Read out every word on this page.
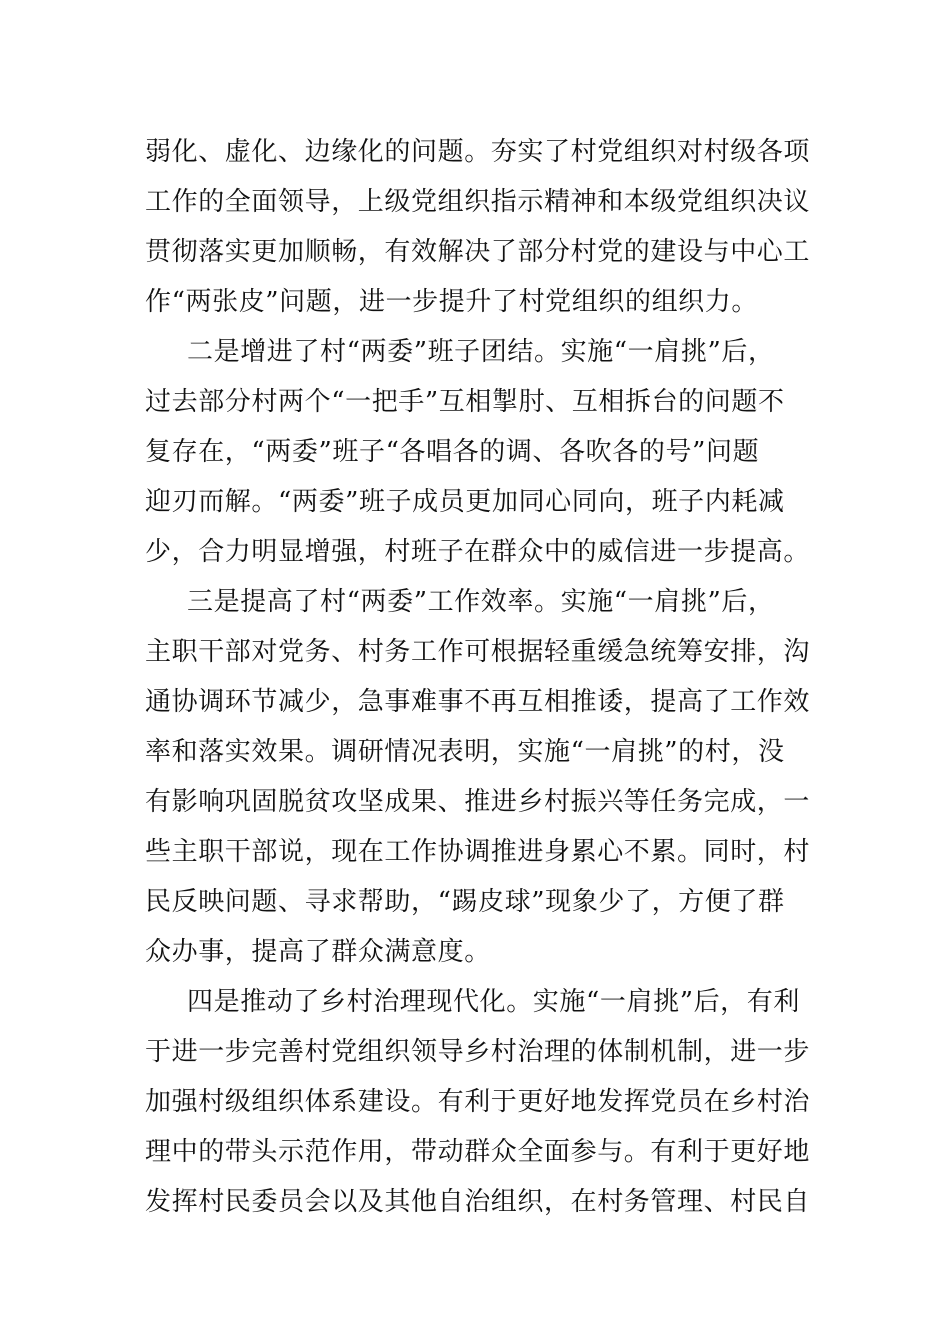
弱化、虚化、边缘化的问题。夯实了村党组织对村级各项
工作的全面领导，上级党组织指示精神和本级党组织决议
贯彻落实更加顺畅，有效解决了部分村党的建设与中心工
作“两张皮”问题，进一步提升了村党组织的组织力。
二是增进了村“两委”班子团结。实施“一肩挑”后，
过去部分村两个“一把手”互相掣肘、互相拆台的问题不
复存在，“两委”班子“各唱各的调、各吹各的号”问题
迎刃而解。“两委”班子成员更加同心同向，班子内耗减
少，合力明显增强，村班子在群众中的威信进一步提高。
三是提高了村“两委”工作效率。实施“一肩挑”后，
主职干部对党务、村务工作可根据轻重缓急统筹安排，沟
通协调环节减少，急事难事不再互相推诿，提高了工作效
率和落实效果。调研情况表明，实施“一肩挑”的村，没
有影响巩固脱贫攻坚成果、推进乡村振兴等任务完成，一
些主职干部说，现在工作协调推进身累心不累。同时，村
民反映问题、寻求帮助，“踢皮球”现象少了，方便了群
众办事，提高了群众满意度。
四是推动了乡村治理现代化。实施“一肩挑”后，有利
于进一步完善村党组织领导乡村治理的体制机制，进一步
加强村级组织体系建设。有利于更好地发挥党员在乡村治
理中的带头示范作用，带动群众全面参与。有利于更好地
发挥村民委员会以及其他自治组织，在村务管理、村民自
